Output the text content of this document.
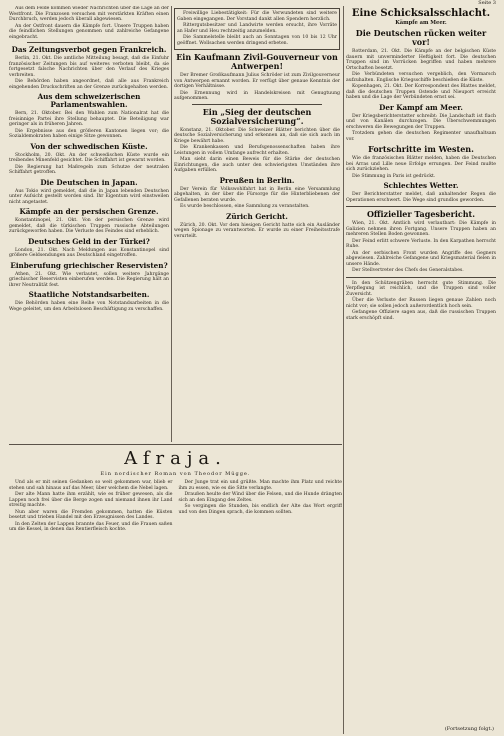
Seite 3

Aus dem Felde kommen wieder Nachrichten über die Lage an der Westfront. Die Franzosen versuchen mit verstärkten Kräften einen Durchbruch, werden jedoch überall abgewiesen.

An der Ostfront dauern die Kämpfe fort. Unsere Truppen haben die feindlichen Stellungen genommen und zahlreiche Gefangene eingebracht.

Das Zeitungsverbot gegen Frankreich.

Berlin, 21. Okt. Die amtliche Mitteilung besagt, daß die Einfuhr französischer Zeitungen bis auf weiteres verboten bleibt, da sie fortgesetzt falsche Nachrichten über den Verlauf des Krieges verbreiten.

Die Behörden haben angeordnet, daß alle aus Frankreich eingehenden Druckschriften an der Grenze zurückgehalten werden.

Aus dem schweizerischen Parlamentswahlen.

Bern, 21. Oktober. Bei den Wahlen zum Nationalrat hat die freisinnige Partei ihre Stellung behauptet. Die Beteiligung war geringer als in früheren Jahren.

Die Ergebnisse aus den größeren Kantonen liegen vor; die Sozialdemokraten haben einige Sitze gewonnen.

Von der schwedischen Küste.

Stockholm, 20. Okt. An der schwedischen Küste wurde ein treibendes Minenfeld gesichtet. Die Schiffahrt ist gewarnt worden.

Die Regierung hat Maßregeln zum Schutze der neutralen Schiffahrt getroffen.

Die Deutschen in Japan.

Aus Tokio wird gemeldet, daß die in Japan lebenden Deutschen unter Aufsicht gestellt worden sind. Ihr Eigentum wird einstweilen nicht angetastet.

Kämpfe an der persischen Grenze.

Konstantinopel, 21. Okt. Von der persischen Grenze wird gemeldet, daß die türkischen Truppen russische Abteilungen zurückgeworfen haben. Die Verluste des Feindes sind erheblich.

Deutsches Geld in der Türkei?

London, 21. Okt. Nach Meldungen aus Konstantinopel sind größere Geldsendungen aus Deutschland eingetroffen.

Einberufung griechischer Reservisten?

Athen, 21. Okt. Wie verlautet, sollen weitere Jahrgänge griechischer Reservisten einberufen werden. Die Regierung hält an ihrer Neutralität fest.

Staatliche Notstandsarbeiten.

Die Behörden haben eine Reihe von Notstandsarbeiten in die Wege geleitet, um den Arbeitslosen Beschäftigung zu verschaffen.

Freiwillige Liebestätigkeit: Für die Verwundeten sind weitere Gaben eingegangen. Der Vorstand dankt allen Spendern herzlich.

Rittergutsbesitzer und Landwirte werden ersucht, ihre Vorräte an Hafer und Heu rechtzeitig anzumelden.

Die Sammelstelle bleibt auch an Sonntagen von 10 bis 12 Uhr geöffnet. Wollsachen werden dringend erbeten.

Ein Kaufmann Zivil-Gouverneur von Antwerpen!

Der Bremer Großkaufmann Julius Schröder ist zum Zivilgouverneur von Antwerpen ernannt worden. Er verfügt über genaue Kenntnis der dortigen Verhältnisse.

Die Ernennung wird in Handelskreisen mit Genugtuung aufgenommen.

Ein „Sieg der deutschen Sozialversicherung“.

Konstanz, 21. Oktober. Die Schweizer Blätter berichten über die deutsche Sozialversicherung und erkennen an, daß sie sich auch im Kriege bewährt habe.

Die Krankenkassen und Berufsgenossenschaften haben ihre Leistungen in vollem Umfange aufrecht erhalten.

Man sieht darin einen Beweis für die Stärke der deutschen Einrichtungen, die auch unter den schwierigsten Umständen ihre Aufgaben erfüllen.

Preußen in Berlin.

Der Verein für Volkswohlfahrt hat in Berlin eine Versammlung abgehalten, in der über die Fürsorge für die Hinterbliebenen der Gefallenen beraten wurde.

Es wurde beschlossen, eine Sammlung zu veranstalten.

Zürich Gericht.

Zürich, 20. Okt. Vor dem hiesigen Gericht hatte sich ein Ausländer wegen Spionage zu verantworten. Er wurde zu einer Freiheitsstrafe verurteilt.

Eine Schicksalsschlacht.
Kämpfe am Meer.
Die Deutschen rücken weiter vor!

Rotterdam, 21. Okt. Die Kämpfe an der belgischen Küste dauern mit unverminderter Heftigkeit fort. Die deutschen Truppen sind im Vorrücken begriffen und haben mehrere Ortschaften besetzt.

Die Verbündeten versuchen vergeblich, den Vormarsch aufzuhalten. Englische Kriegsschiffe beschießen die Küste.

Kopenhagen, 21. Okt. Der Korrespondent des Blattes meldet, daß die deutschen Truppen Ostende und Nieuport erreicht haben und die Lage der Verbündeten ernst sei.

Der Kampf am Meer.

Der Kriegsberichterstatter schreibt: Die Landschaft ist flach und von Kanälen durchzogen. Die Überschwemmungen erschweren die Bewegungen der Truppen.

Trotzdem gehen die deutschen Regimenter unaufhaltsam vor.

Fortschritte im Westen.

Wie die französischen Blätter melden, haben die Deutschen bei Arras und Lille neue Erfolge errungen. Der Feind mußte sich zurückziehen.

Die Stimmung in Paris ist gedrückt.

Schlechtes Wetter.

Der Berichterstatter meldet, daß anhaltender Regen die Operationen erschwert. Die Wege sind grundlos geworden.

Offizieller Tagesbericht.

Wien, 21. Okt. Amtlich wird verlautbart: Die Kämpfe in Galizien nehmen ihren Fortgang. Unsere Truppen haben an mehreren Stellen Boden gewonnen.

Der Feind erlitt schwere Verluste. In den Karpathen herrscht Ruhe.

An der serbischen Front wurden Angriffe des Gegners abgewiesen. Zahlreiche Gefangene und Kriegsmaterial fielen in unsere Hände.

Der Stellvertreter des Chefs des Generalstabes.

In den Schützengräben herrscht gute Stimmung. Die Verpflegung ist reichlich, und die Truppen sind voller Zuversicht.

Über die Verluste der Russen liegen genaue Zahlen noch nicht vor; sie sollen jedoch außerordentlich hoch sein.

Gefangene Offiziere sagen aus, daß die russischen Truppen stark erschöpft sind.

Afraja.
Ein nordischer Roman von Theodor Mügge.

Und als er mit seinen Gedanken so weit gekommen war, blieb er stehen und sah hinaus auf das Meer, über welchem die Nebel lagen.

Der alte Mann hatte ihm erzählt, wie es früher gewesen, als die Lappen noch frei über die Berge zogen und niemand ihnen ihr Land streitig machte.

Nun aber waren die Fremden gekommen, hatten die Küsten besetzt und trieben Handel mit den Erzeugnissen des Landes.

In den Zelten der Lappen brannte das Feuer, und die Frauen saßen um die Kessel, in denen das Rentierfleisch kochte.

Der Junge trat ein und grüßte. Man machte ihm Platz und reichte ihm zu essen, wie es die Sitte verlangte.

Draußen heulte der Wind über die Felsen, und die Hunde drängten sich an den Eingang des Zeltes.

So vergingen die Stunden, bis endlich der Alte das Wort ergriff und von den Dingen sprach, die kommen sollten.

(Fortsetzung folgt.)
